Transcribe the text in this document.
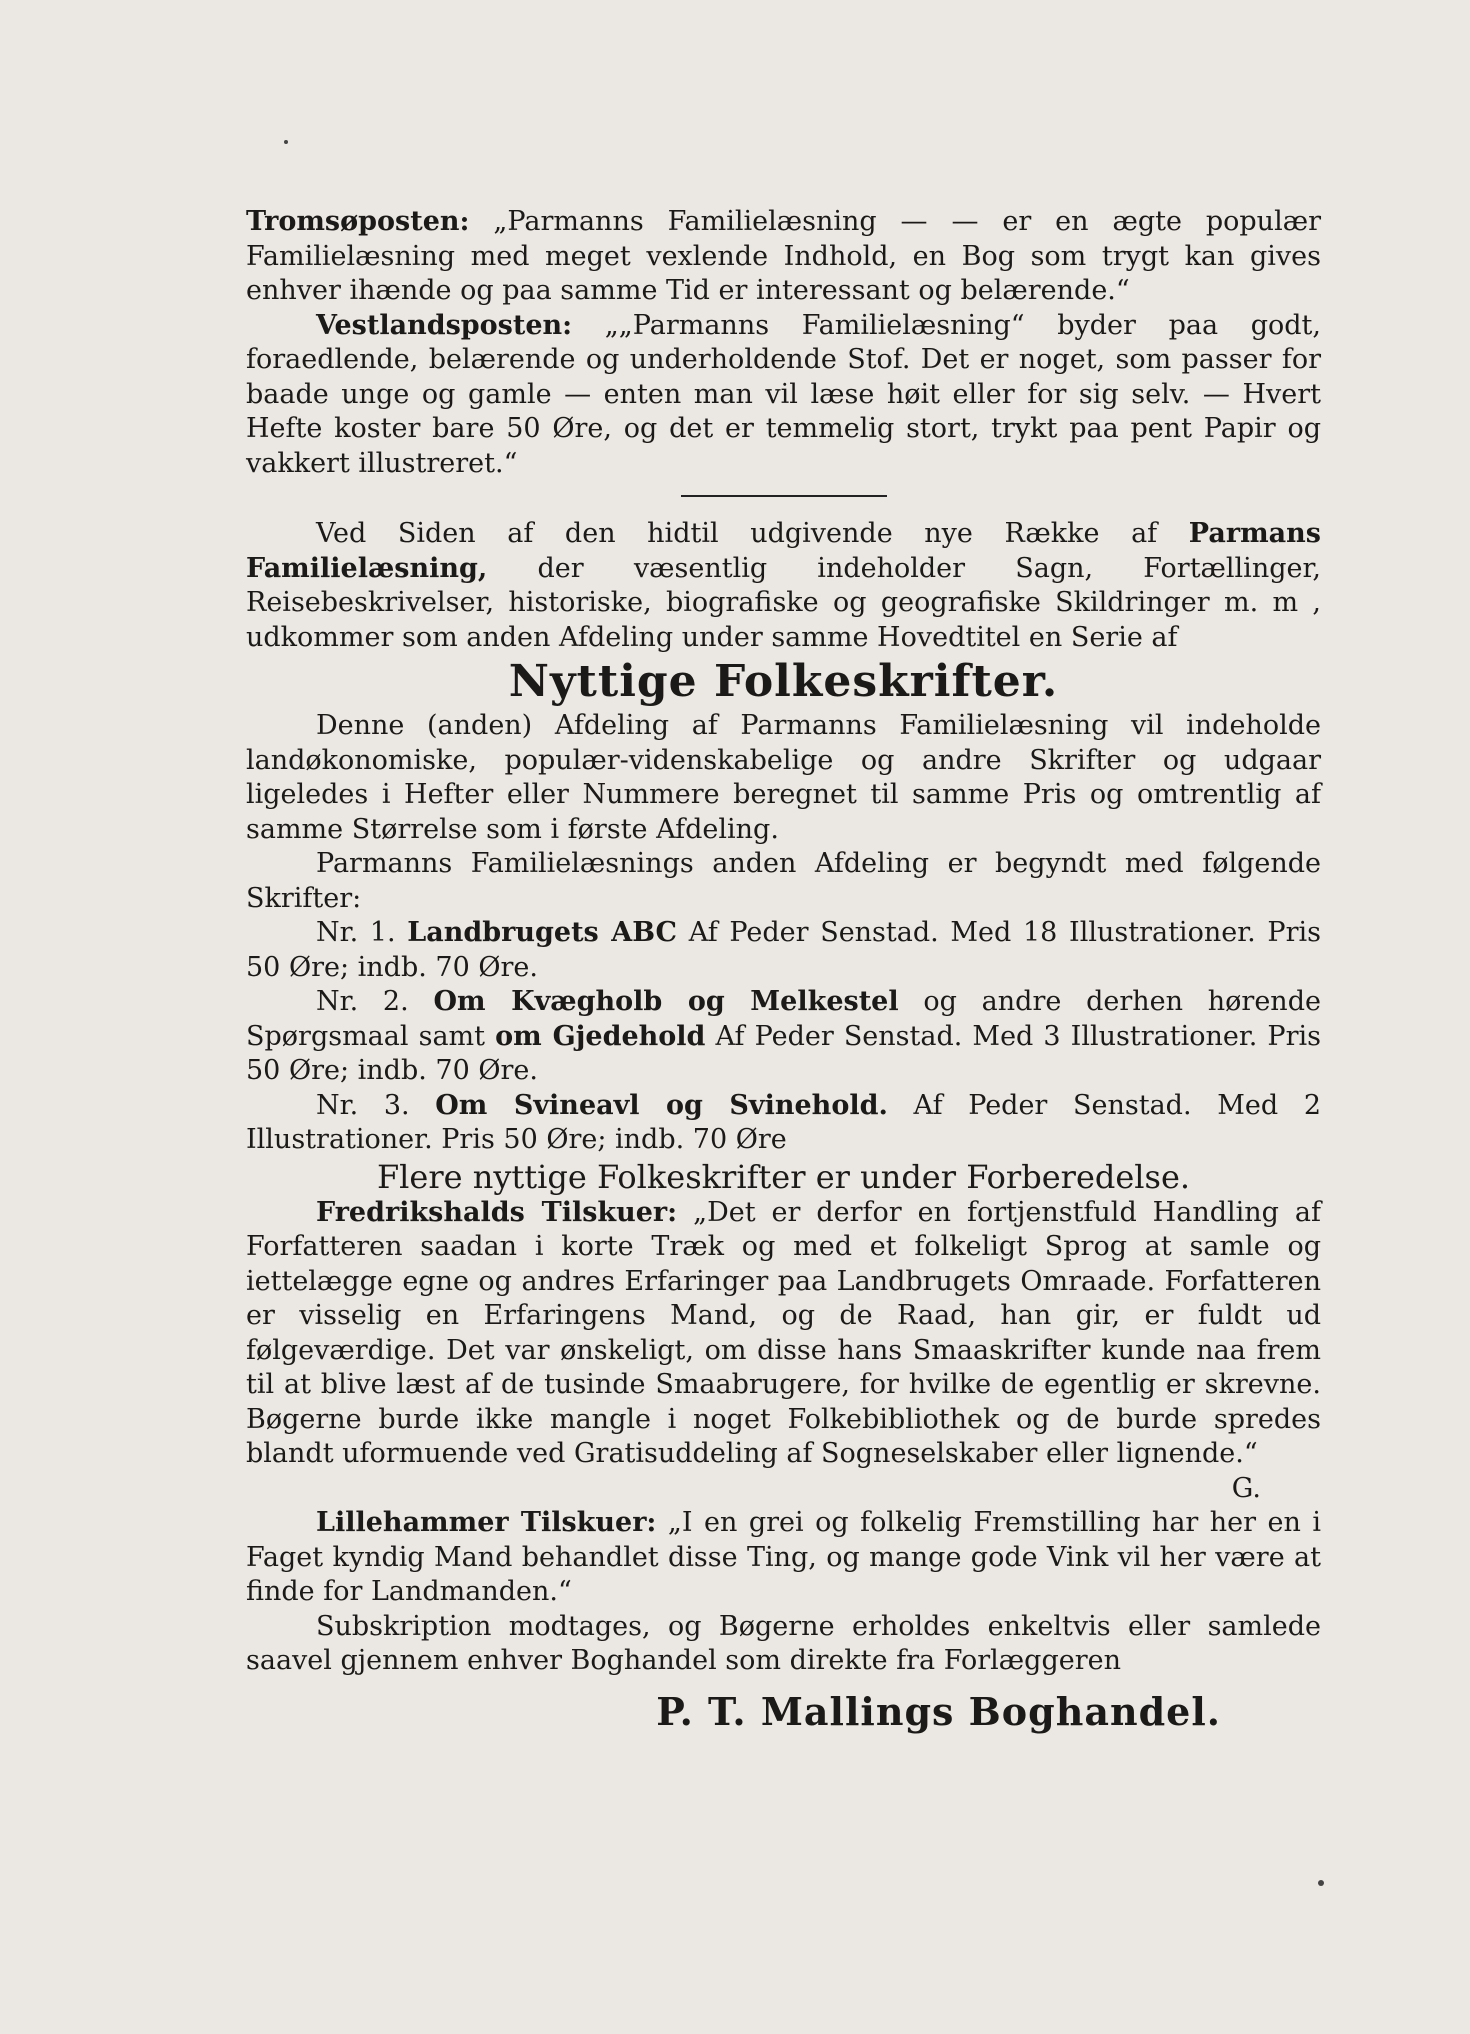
Tromsøposten: „Parmanns Familielæsning — — er en ægte populær Familielæsning med meget vexlende Indhold, en Bog som trygt kan gives enhver ihænde og paa samme Tid er interessant og belærende.“

Vestlandsposten: „„Parmanns Familielæsning“ byder paa godt, foraedlende, belærende og underholdende Stof. Det er noget, som passer for baade unge og gamle — enten man vil læse høit eller for sig selv. — Hvert Hefte koster bare 50 Øre, og det er temmelig stort, trykt paa pent Papir og vakkert illustreret.“

Ved Siden af den hidtil udgivende nye Række af Parmans Familielæsning, der væsentlig indeholder Sagn, Fortællinger, Reisebeskrivelser, historiske, biografiske og geografiske Skildringer m. m , udkommer som anden Afdeling under samme Hovedtitel en Serie af

Nyttige Folkeskrifter.

Denne (anden) Afdeling af Parmanns Familielæsning vil indeholde landøkonomiske, populær-videnskabelige og andre Skrifter og udgaar ligeledes i Hefter eller Nummere beregnet til samme Pris og omtrentlig af samme Størrelse som i første Afdeling.

Parmanns Familielæsnings anden Afdeling er begyndt med følgende Skrifter:

Nr. 1. Landbrugets ABC Af Peder Senstad. Med 18 Illustrationer. Pris 50 Øre; indb. 70 Øre.

Nr. 2. Om Kvægholb og Melkestel og andre derhen hørende Spørgsmaal samt om Gjedehold Af Peder Senstad. Med 3 Illustrationer. Pris 50 Øre; indb. 70 Øre.

Nr. 3. Om Svineavl og Svinehold. Af Peder Senstad. Med 2 Illustrationer. Pris 50 Øre; indb. 70 Øre

Flere nyttige Folkeskrifter er under Forberedelse.

Fredrikshalds Tilskuer: „Det er derfor en fortjenstfuld Handling af Forfatteren saadan i korte Træk og med et folkeligt Sprog at samle og iettelægge egne og andres Erfaringer paa Landbrugets Omraade. Forfatteren er visselig en Erfaringens Mand, og de Raad, han gir, er fuldt ud følgeværdige. Det var ønskeligt, om disse hans Smaaskrifter kunde naa frem til at blive læst af de tusinde Smaabrugere, for hvilke de egentlig er skrevne. Bøgerne burde ikke mangle i noget Folkebibliothek og de burde spredes blandt uformuende ved Gratisuddeling af Sogneselskaber eller lignende.“
G.

Lillehammer Tilskuer: „I en grei og folkelig Fremstilling har her en i Faget kyndig Mand behandlet disse Ting, og mange gode Vink vil her være at finde for Landmanden.“

Subskription modtages, og Bøgerne erholdes enkeltvis eller samlede saavel gjennem enhver Boghandel som direkte fra Forlæggeren

P. T. Mallings Boghandel.
